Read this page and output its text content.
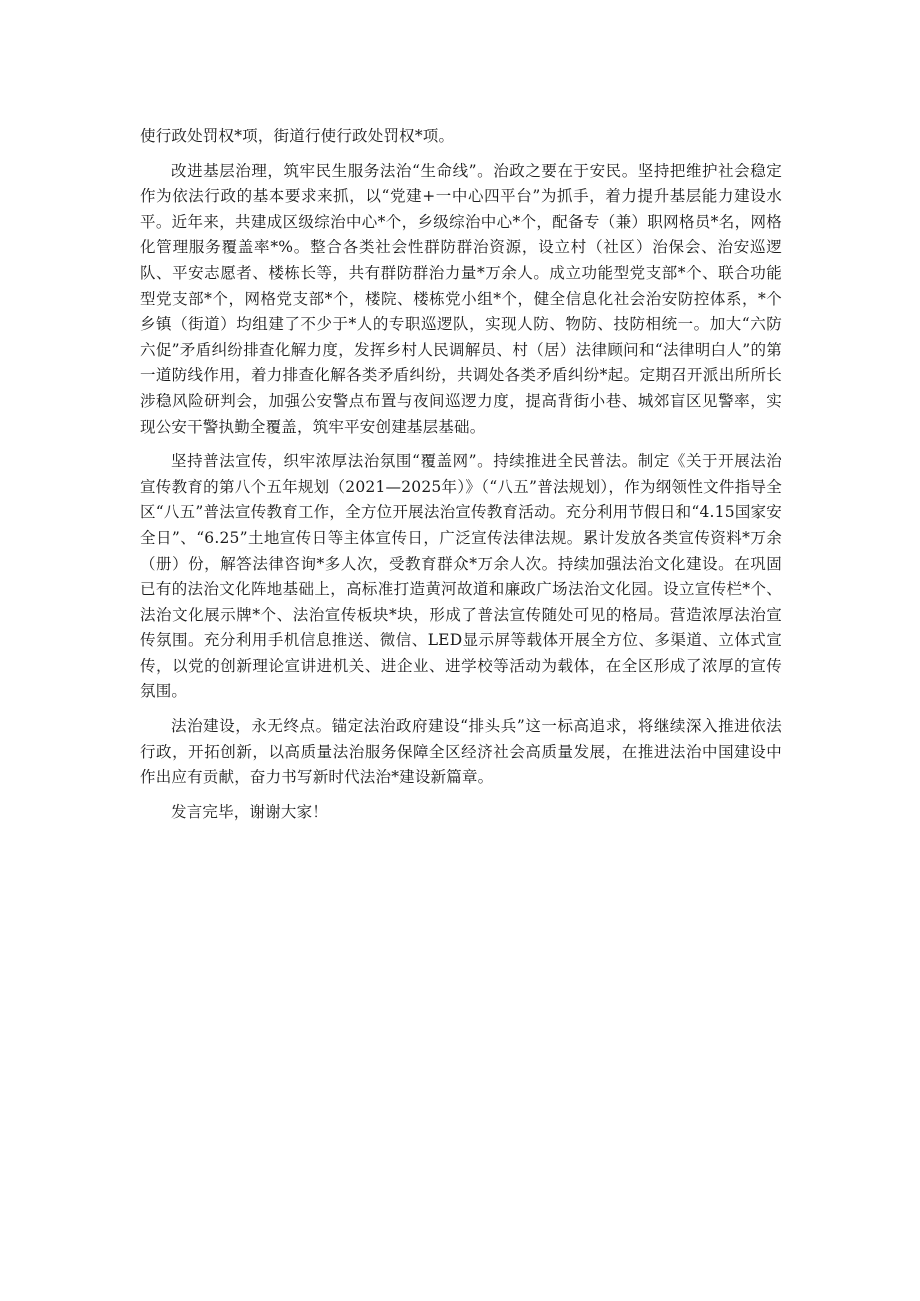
使行政处罚权*项，街道行使行政处罚权*项。

改进基层治理，筑牢民生服务法治“生命线”。治政之要在于安民。坚持把维护社会稳定作为依法行政的基本要求来抓，以“党建+一中心四平台”为抓手，着力提升基层能力建设水平。近年来，共建成区级综治中心*个，乡级综治中心*个，配备专（兼）职网格员*名，网格化管理服务覆盖率*%。整合各类社会性群防群治资源，设立村（社区）治保会、治安巡逻队、平安志愿者、楼栋长等，共有群防群治力量*万余人。成立功能型党支部*个、联合功能型党支部*个，网格党支部*个，楼院、楼栋党小组*个，健全信息化社会治安防控体系，*个乡镇（街道）均组建了不少于*人的专职巡逻队，实现人防、物防、技防相统一。加大“六防六促”矛盾纠纷排查化解力度，发挥乡村人民调解员、村（居）法律顾问和“法律明白人”的第一道防线作用，着力排查化解各类矛盾纠纷，共调处各类矛盾纠纷*起。定期召开派出所所长涉稳风险研判会，加强公安警点布置与夜间巡逻力度，提高背街小巷、城郊盲区见警率，实现公安干警执勤全覆盖，筑牢平安创建基层基础。

坚持普法宣传，织牢浓厚法治氛围“覆盖网”。持续推进全民普法。制定《关于开展法治宣传教育的第八个五年规划（2021—2025年）》（“八五”普法规划），作为纲领性文件指导全区“八五”普法宣传教育工作，全方位开展法治宣传教育活动。充分利用节假日和“4.15国家安全日”、“6.25”土地宣传日等主体宣传日，广泛宣传法律法规。累计发放各类宣传资料*万余（册）份，解答法律咨询*多人次，受教育群众*万余人次。持续加强法治文化建设。在巩固已有的法治文化阵地基础上，高标准打造黄河故道和廉政广场法治文化园。设立宣传栏*个、法治文化展示牌*个、法治宣传板块*块，形成了普法宣传随处可见的格局。营造浓厚法治宣传氛围。充分利用手机信息推送、微信、LED显示屏等载体开展全方位、多渠道、立体式宣传，以党的创新理论宣讲进机关、进企业、进学校等活动为载体，在全区形成了浓厚的宣传氛围。

法治建设，永无终点。锚定法治政府建设“排头兵”这一标高追求，将继续深入推进依法行政，开拓创新，以高质量法治服务保障全区经济社会高质量发展，在推进法治中国建设中作出应有贡献，奋力书写新时代法治*建设新篇章。

发言完毕，谢谢大家！
